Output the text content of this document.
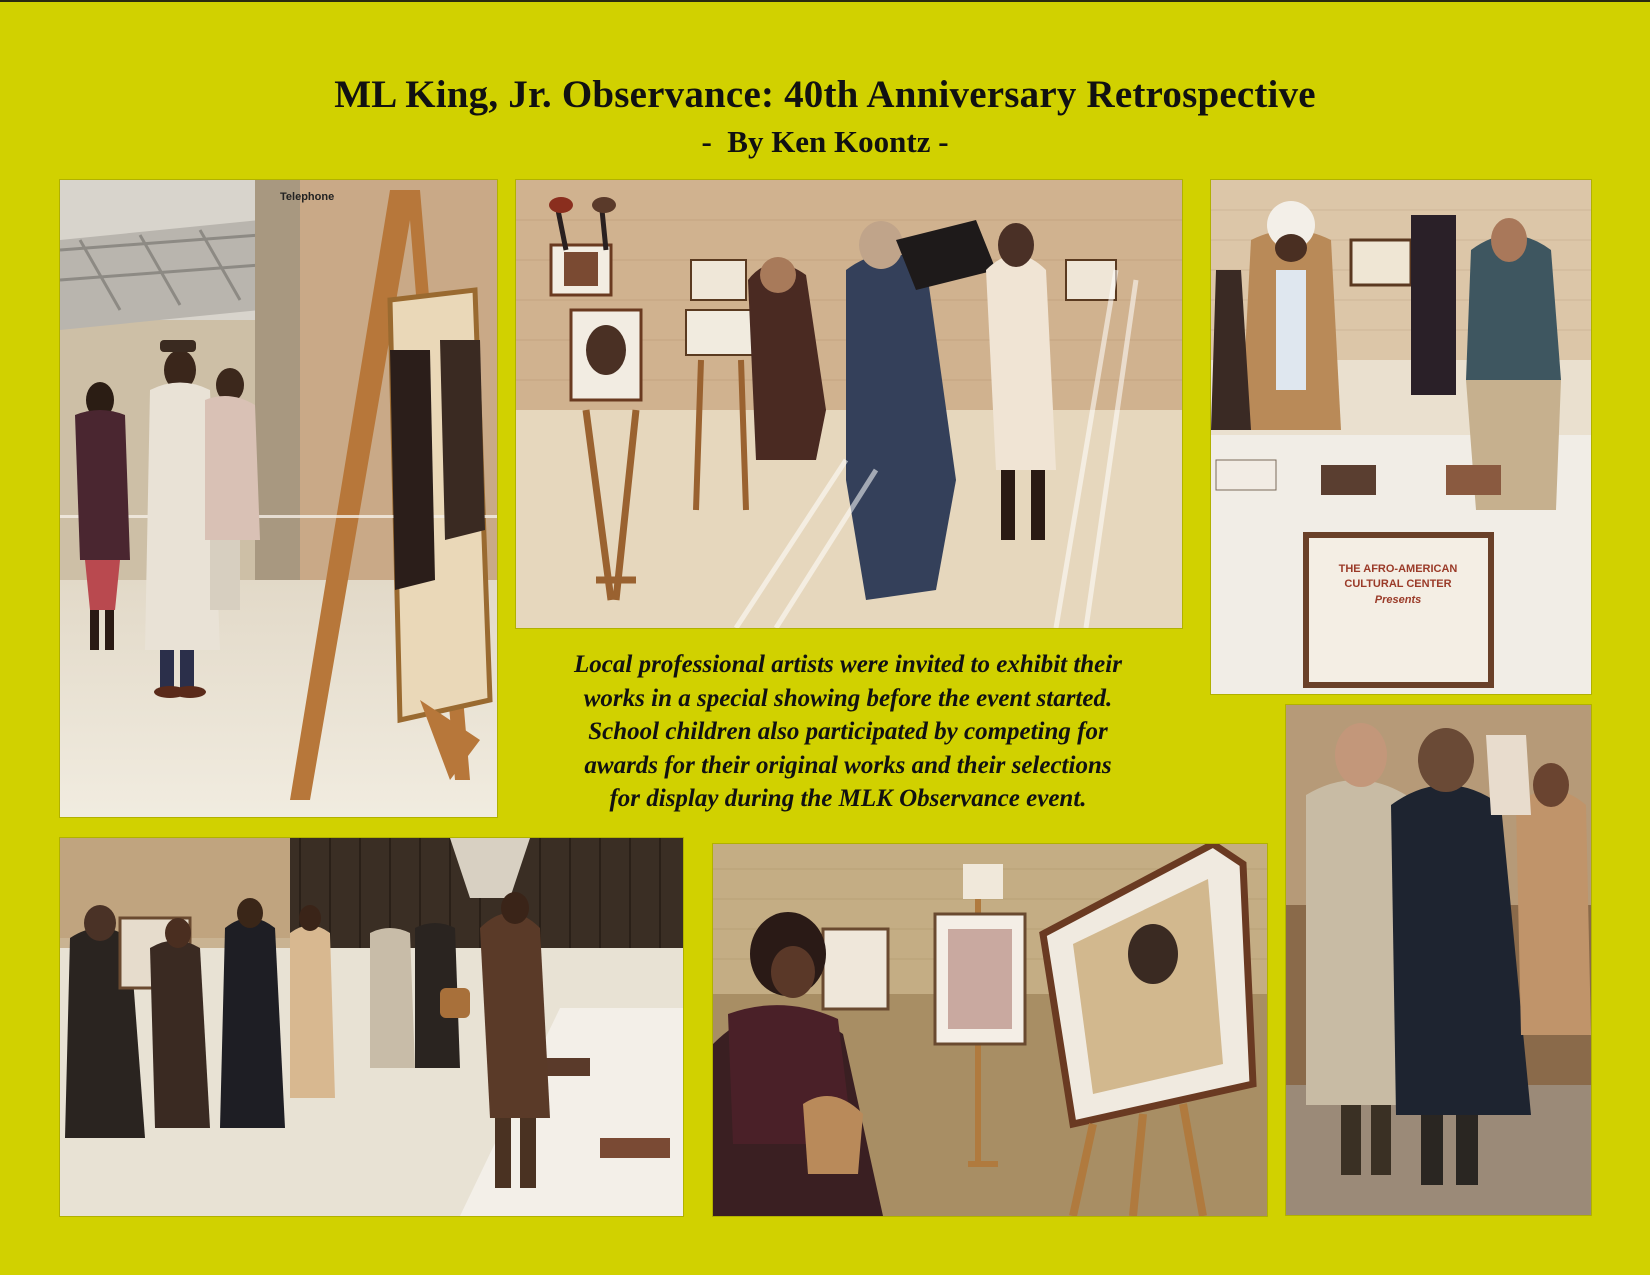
ML King, Jr. Observance: 40th Anniversary Retrospective
-  By Ken Koontz -
Telephone
THE AFRO-AMERICAN
CULTURAL CENTER
Presents
Local professional artists were invited to exhibit their
works in a special showing before the event started.
School children also participated by competing for
awards for their original works and their selections
for display during the MLK Observance event.
